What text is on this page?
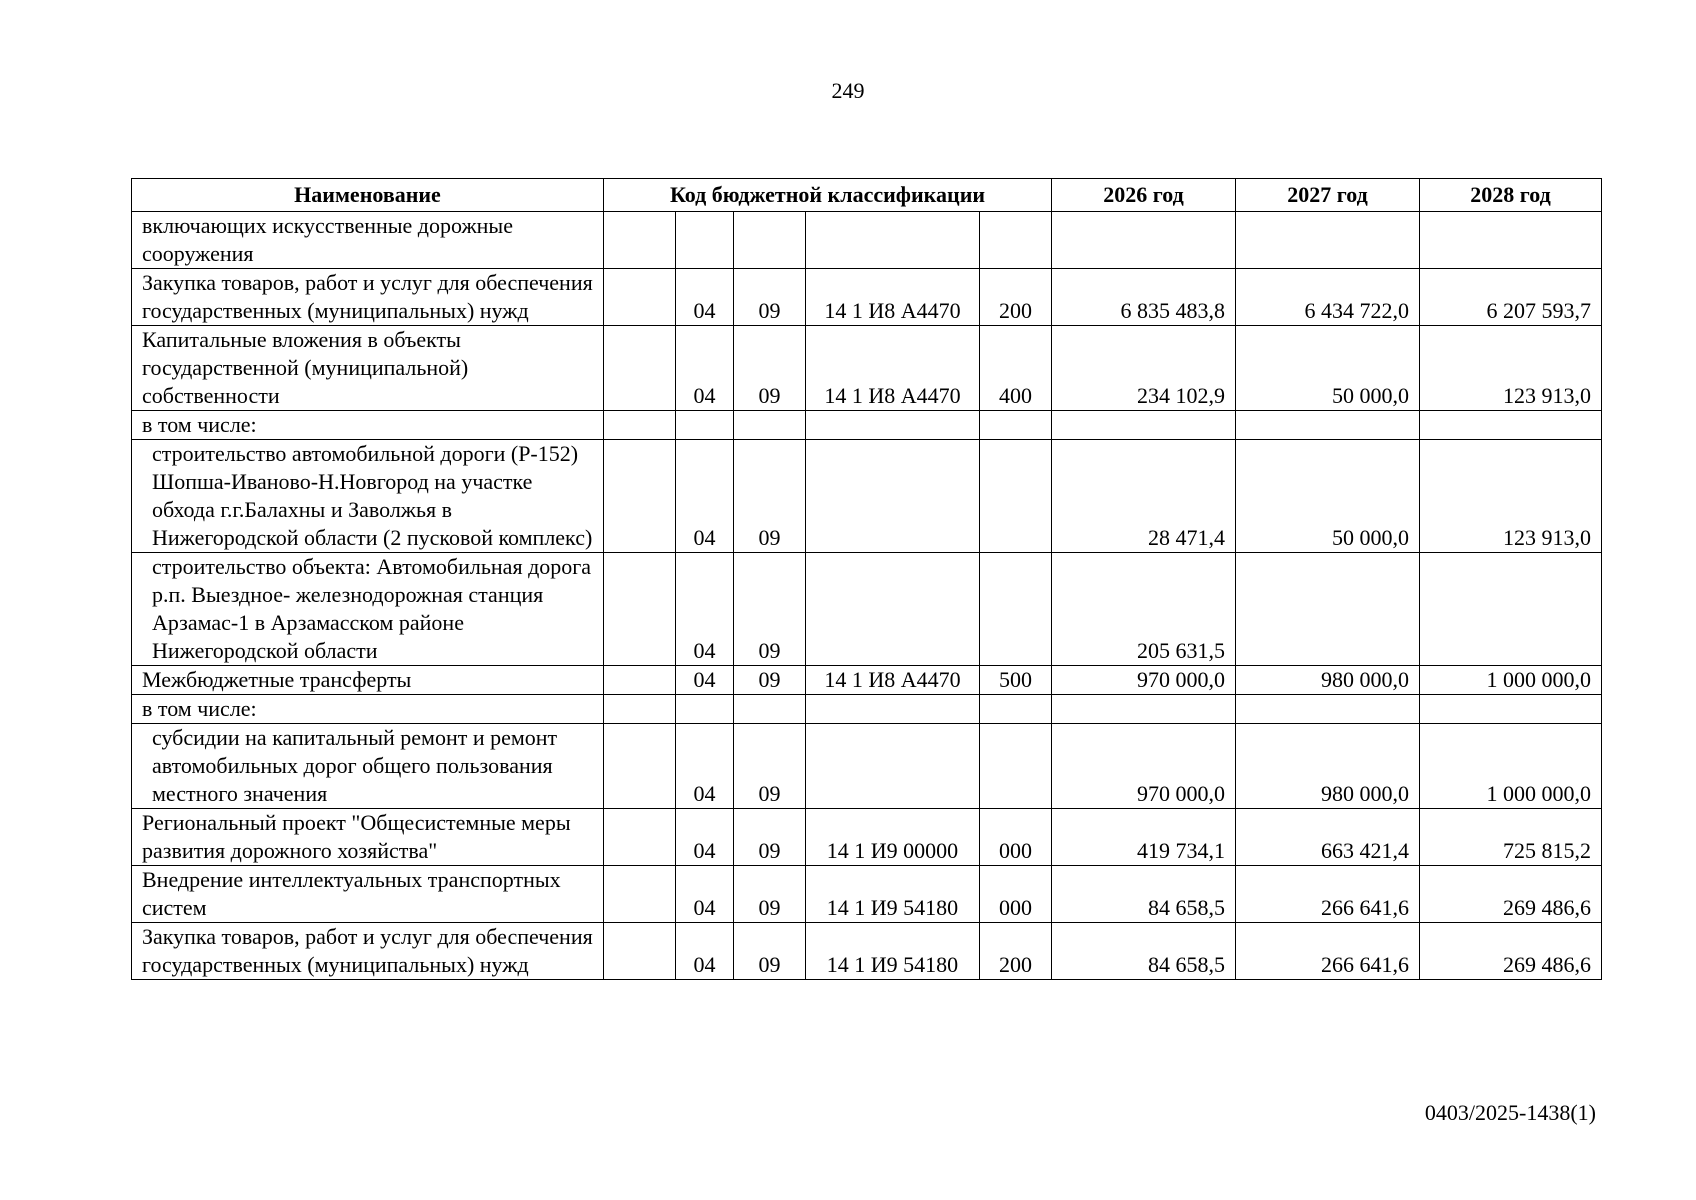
249
Наименование	Код бюджетной классификации					2026 год	2027 год	2028 год
включающих искусственные дорожные сооружения								
Закупка товаров, работ и услуг для обеспечения государственных (муниципальных) нужд		04	09	14 1 И8 А4470	200	6 835 483,8	6 434 722,0	6 207 593,7
Капитальные вложения в объекты государственной (муниципальной) собственности		04	09	14 1 И8 А4470	400	234 102,9	50 000,0	123 913,0
в том числе:								
строительство автомобильной дороги (Р-152) Шопша-Иваново-Н.Новгород на участке обхода г.г.Балахны и Заволжья в Нижегородской области (2 пусковой комплекс)		04	09			28 471,4	50 000,0	123 913,0
строительство объекта: Автомобильная дорога р.п. Выездное- железнодорожная станция Арзамас-1 в Арзамасском районе Нижегородской области		04	09			205 631,5		
Межбюджетные трансферты		04	09	14 1 И8 А4470	500	970 000,0	980 000,0	1 000 000,0
в том числе:								
субсидии на капитальный ремонт и ремонт автомобильных дорог общего пользования местного значения		04	09			970 000,0	980 000,0	1 000 000,0
Региональный проект "Общесистемные меры развития дорожного хозяйства"		04	09	14 1 И9 00000	000	419 734,1	663 421,4	725 815,2
Внедрение интеллектуальных транспортных систем		04	09	14 1 И9 54180	000	84 658,5	266 641,6	269 486,6
Закупка товаров, работ и услуг для обеспечения государственных (муниципальных) нужд		04	09	14 1 И9 54180	200	84 658,5	266 641,6	269 486,6
0403/2025-1438(1)
